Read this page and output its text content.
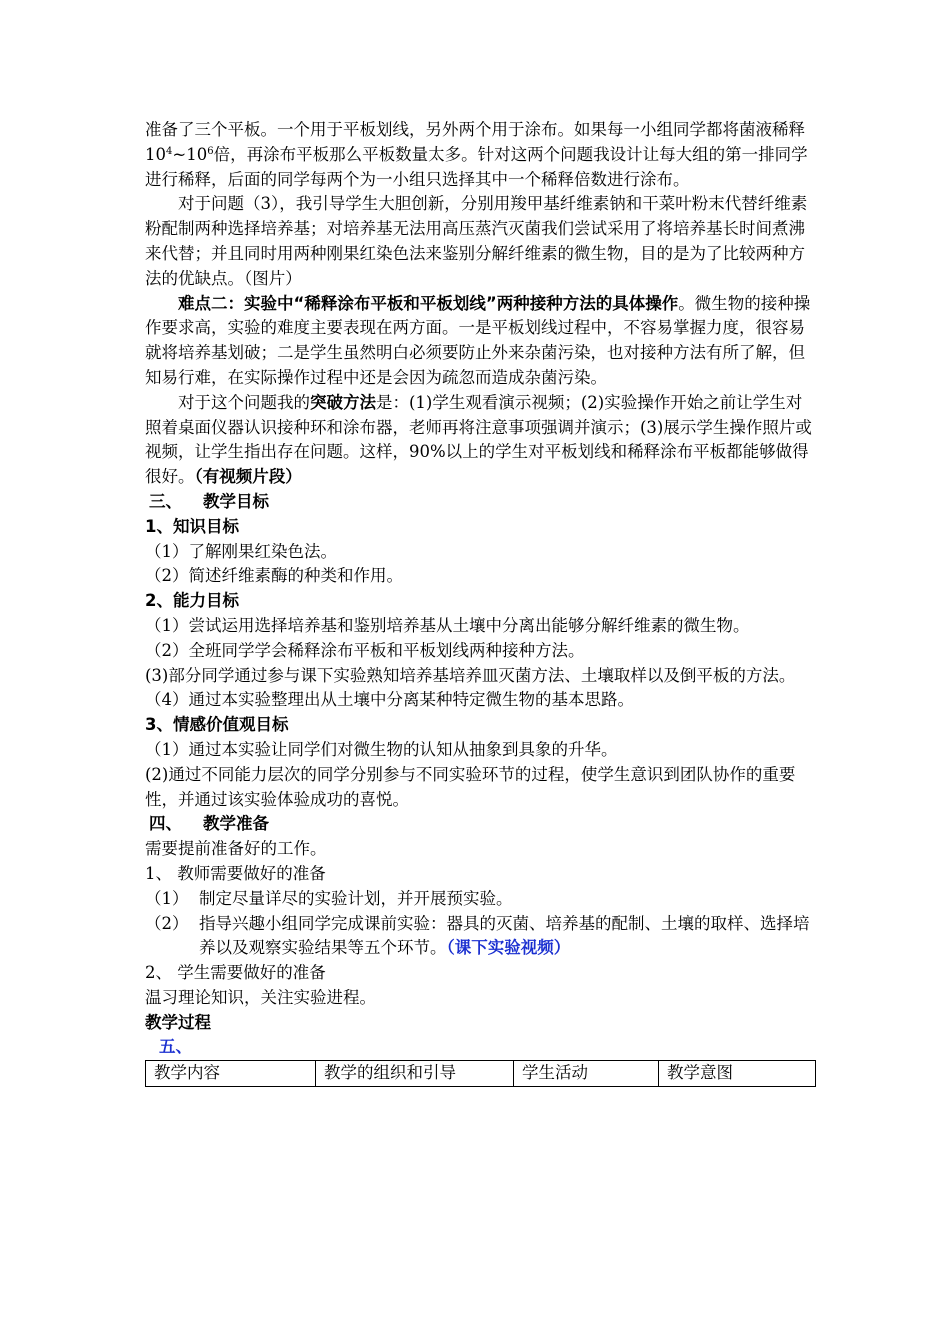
准备了三个平板。一个用于平板划线，另外两个用于涂布。如果每一小组同学都将菌液稀释 $10^4\sim 10^6$倍，再涂布平板那么平板数量太多。针对这两个问题我设计让每大组的第一排同学进行稀释，后面的同学每两个为一小组只选择其中一个稀释倍数进行涂布。

对于问题（3），我引导学生大胆创新，分别用羧甲基纤维素钠和干菜叶粉末代替纤维素粉配制两种选择培养基；对培养基无法用高压蒸汽灭菌我们尝试采用了将培养基长时间煮沸来代替；并且同时用两种刚果红染色法来鉴别分解纤维素的微生物，目的是为了比较两种方法的优缺点。（图片）

难点二：实验中“稀释涂布平板和平板划线”两种接种方法的具体操作。微生物的接种操作要求高，实验的难度主要表现在两方面。一是平板划线过程中，不容易掌握力度，很容易就将培养基划破；二是学生虽然明白必须要防止外来杂菌污染，也对接种方法有所了解，但知易行难，在实际操作过程中还是会因为疏忽而造成杂菌污染。

对于这个问题我的突破方法是：(1)学生观看演示视频；(2)实验操作开始之前让学生对照着桌面仪器认识接种环和涂布器，老师再将注意事项强调并演示；(3)展示学生操作照片或视频，让学生指出存在问题。这样，90%以上的学生对平板划线和稀释涂布平板都能够做得很好。（有视频片段）

三、 教学目标

1、知识目标

（1）了解刚果红染色法。

（2）简述纤维素酶的种类和作用。

2、能力目标

（1）尝试运用选择培养基和鉴别培养基从土壤中分离出能够分解纤维素的微生物。

（2）全班同学学会稀释涂布平板和平板划线两种接种方法。

(3)部分同学通过参与课下实验熟知培养基培养皿灭菌方法、土壤取样以及倒平板的方法。

（4）通过本实验整理出从土壤中分离某种特定微生物的基本思路。

3、情感价值观目标

（1）通过本实验让同学们对微生物的认知从抽象到具象的升华。

(2)通过不同能力层次的同学分别参与不同实验环节的过程，使学生意识到团队协作的重要性，并通过该实验体验成功的喜悦。

四、 教学准备

需要提前准备好的工作。

1、 教师需要做好的准备

（1） 制定尽量详尽的实验计划，并开展预实验。

（2） 指导兴趣小组同学完成课前实验：器具的灭菌、培养基的配制、土壤的取样、选择培养以及观察实验结果等五个环节。（课下实验视频）

2、 学生需要做好的准备

温习理论知识，关注实验进程。

教学过程

五、

教学内容	教学的组织和引导	学生活动	教学意图
